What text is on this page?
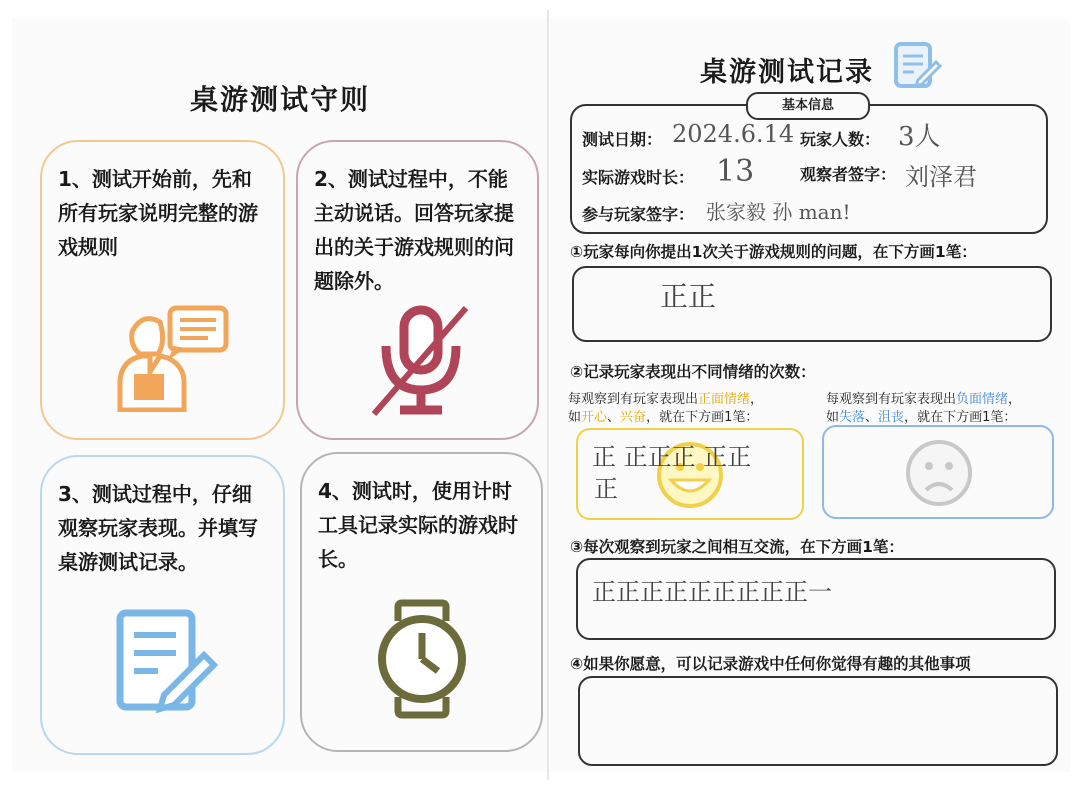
桌游测试守则
1、测试开始前，先和所有玩家说明完整的游戏规则
2、测试过程中，不能主动说话。回答玩家提出的关于游戏规则的问题除外。
3、测试过程中，仔细观察玩家表现。并填写桌游测试记录。
4、测试时，使用计时工具记录实际的游戏时长。
桌游测试记录
基本信息
测试日期： 2024.6.14 玩家人数： 3人
实际游戏时长： 13	观察者签字： 刘泽君
参与玩家签字： 张家毅 孙 man!
①玩家每向你提出1次关于游戏规则的问题，在下方画1笔：
正正
②记录玩家表现出不同情绪的次数：
每观察到有玩家表现出正面情绪，
如开心、兴奋，就在下方画1笔：
正 正正正 正正
正
每观察到有玩家表现出负面情绪，
如失落、沮丧，就在下方画1笔：
③每次观察到玩家之间相互交流，在下方画1笔：
正正正正正正正正正一
④如果你愿意，可以记录游戏中任何你觉得有趣的其他事项
